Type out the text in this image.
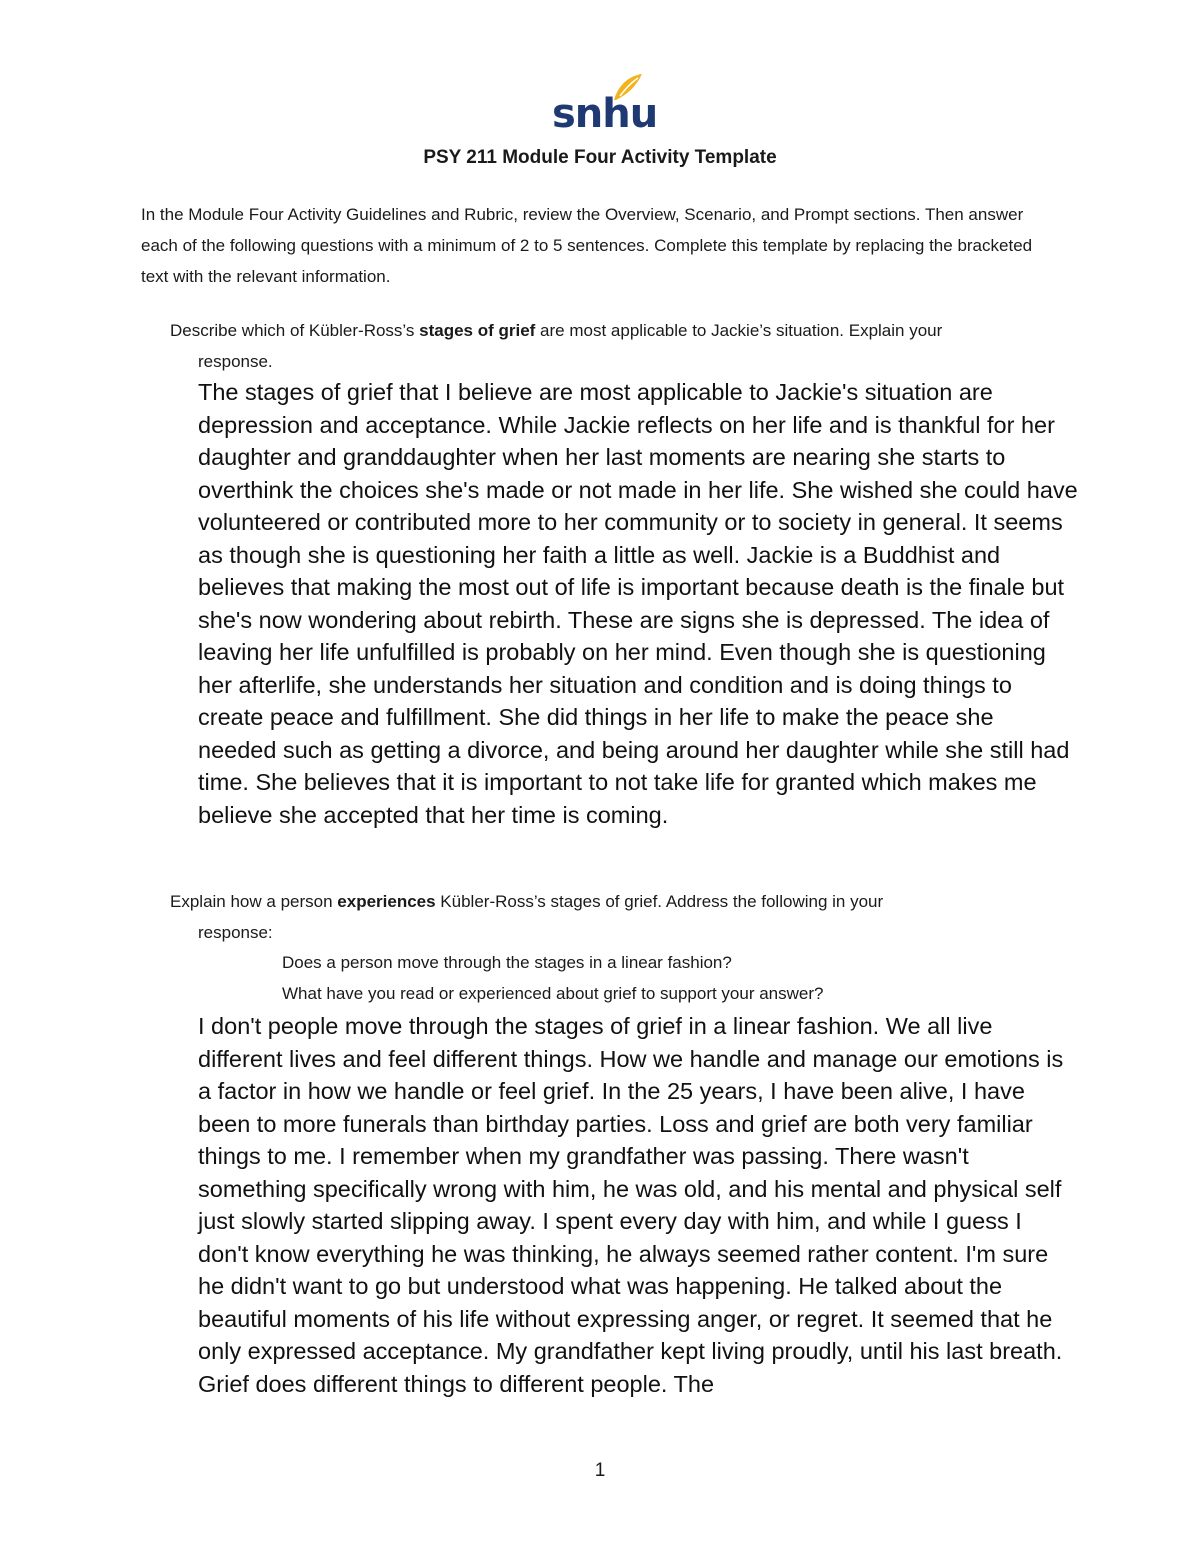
snhu
PSY 211 Module Four Activity Template
In the Module Four Activity Guidelines and Rubric, review the Overview, Scenario, and Prompt sections. Then answer each of the following questions with a minimum of 2 to 5 sentences. Complete this template by replacing the bracketed text with the relevant information.
Describe which of Kübler-Ross’s stages of grief are most applicable to Jackie’s situation. Explain your
response.
The stages of grief that I believe are most applicable to Jackie's situation are depression and acceptance. While Jackie reflects on her life and is thankful for her daughter and granddaughter when her last moments are nearing she starts to overthink the choices she's made or not made in her life. She wished she could have volunteered or contributed more to her community or to society in general. It seems as though she is questioning her faith a little as well. Jackie is a Buddhist and believes that making the most out of life is important because death is the finale but she's now wondering about rebirth. These are signs she is depressed. The idea of leaving her life unfulfilled is probably on her mind. Even though she is questioning her afterlife, she understands her situation and condition and is doing things to create peace and fulfillment. She did things in her life to make the peace she needed such as getting a divorce, and being around her daughter while she still had time. She believes that it is important to not take life for granted which makes me believe she accepted that her time is coming.
Explain how a person experiences Kübler-Ross’s stages of grief. Address the following in your
response:
Does a person move through the stages in a linear fashion?
What have you read or experienced about grief to support your answer?
I don't people move through the stages of grief in a linear fashion. We all live different lives and feel different things. How we handle and manage our emotions is a factor in how we handle or feel grief. In the 25 years, I have been alive, I have been to more funerals than birthday parties. Loss and grief are both very familiar things to me. I remember when my grandfather was passing. There wasn't something specifically wrong with him, he was old, and his mental and physical self just slowly started slipping away. I spent every day with him, and while I guess I don't know everything he was thinking, he always seemed rather content. I'm sure he didn't want to go but understood what was happening. He talked about the beautiful moments of his life without expressing anger, or regret. It seemed that he only expressed acceptance. My grandfather kept living proudly, until his last breath. Grief does different things to different people. The
1
